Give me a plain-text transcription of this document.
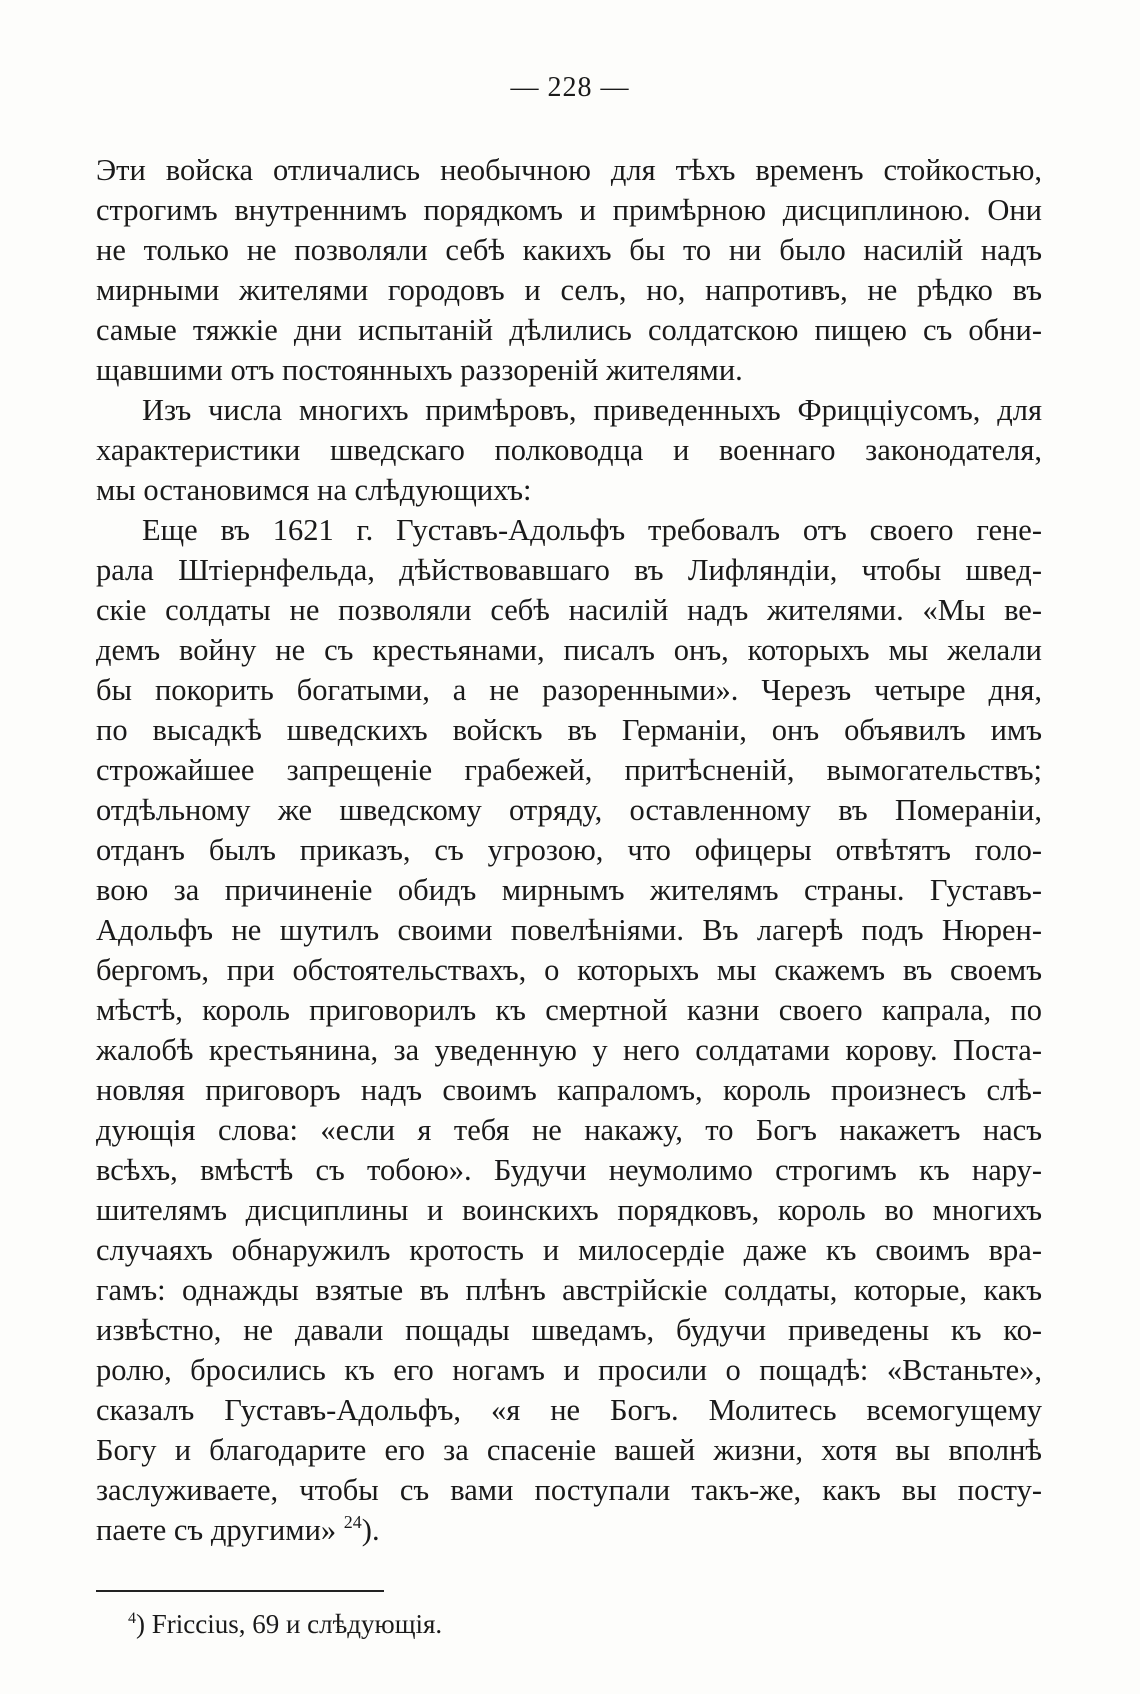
— 228 —

Эти войска отличались необычною для тѣхъ временъ стойкостью,
строгимъ внутреннимъ порядкомъ и примѣрною дисциплиною. Они
не только не позволяли себѣ какихъ бы то ни было насилій надъ
мирными жителями городовъ и селъ, но, напротивъ, не рѣдко въ
самые тяжкіе дни испытаній дѣлились солдатскою пищею съ обни-
щавшими отъ постоянныхъ раззореній жителями.

Изъ числа многихъ примѣровъ, приведенныхъ Фрицціусомъ, для
характеристики шведскаго полководца и военнаго законодателя,
мы остановимся на слѣдующихъ:

Еще въ 1621 г. Густавъ-Адольфъ требовалъ отъ своего гене-
рала Штіернфельда, дѣйствовавшаго въ Лифляндіи, чтобы швед-
скіе солдаты не позволяли себѣ насилій надъ жителями. «Мы ве-
демъ войну не съ крестьянами, писалъ онъ, которыхъ мы желали
бы покорить богатыми, а не разоренными». Черезъ четыре дня,
по высадкѣ шведскихъ войскъ въ Германіи, онъ объявилъ имъ
строжайшее запрещеніе грабежей, притѣсненій, вымогательствъ;
отдѣльному же шведскому отряду, оставленному въ Помераніи,
отданъ былъ приказъ, съ угрозою, что офицеры отвѣтятъ голо-
вою за причиненіе обидъ мирнымъ жителямъ страны. Густавъ-
Адольфъ не шутилъ своими повелѣніями. Въ лагерѣ подъ Нюрен-
бергомъ, при обстоятельствахъ, о которыхъ мы скажемъ въ своемъ
мѣстѣ, король приговорилъ къ смертной казни своего капрала, по
жалобѣ крестьянина, за уведенную у него солдатами корову. Поста-
новляя приговоръ надъ своимъ капраломъ, король произнесъ слѣ-
дующія слова: «если я тебя не накажу, то Богъ накажетъ насъ
всѣхъ, вмѣстѣ съ тобою». Будучи неумолимо строгимъ къ нару-
шителямъ дисциплины и воинскихъ порядковъ, король во многихъ
случаяхъ обнаружилъ кротость и милосердіе даже къ своимъ вра-
гамъ: однажды взятые въ плѣнъ австрійскіе солдаты, которые, какъ
извѣстно, не давали пощады шведамъ, будучи приведены къ ко-
ролю, бросились къ его ногамъ и просили о пощадѣ: «Встаньте»,
сказалъ Густавъ-Адольфъ, «я не Богъ. Молитесь всемогущему
Богу и благодарите его за спасеніе вашей жизни, хотя вы вполнѣ
заслуживаете, чтобы съ вами поступали такъ-же, какъ вы посту-
паете съ другими» $^{24}$).

$^4$) Friccius, 69 и слѣдующія.
